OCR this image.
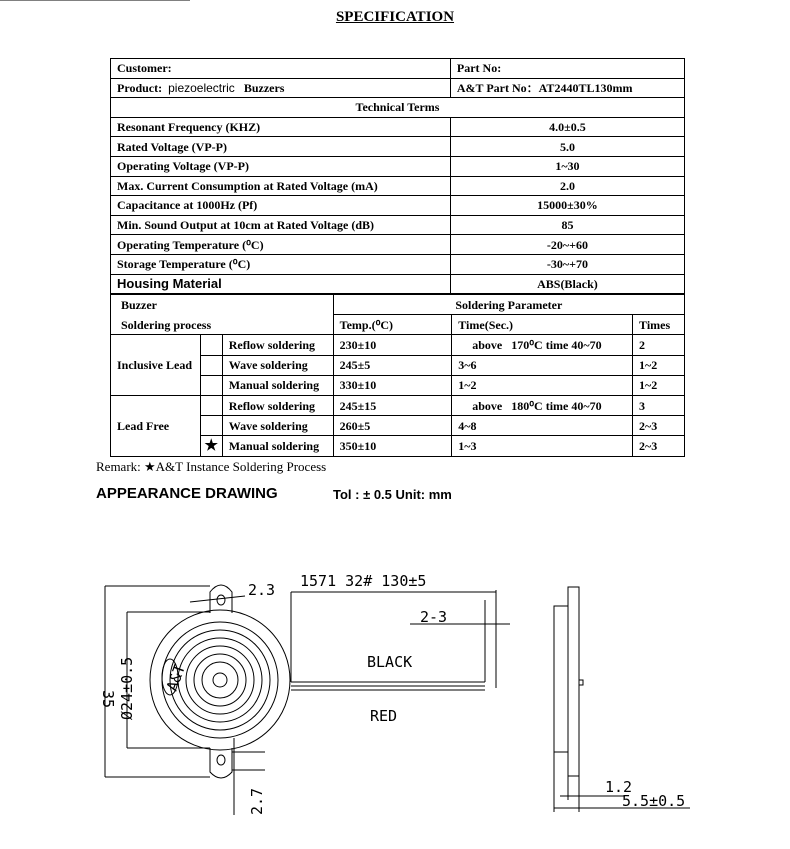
SPECIFICATION
Customer:	Part No:
Product: piezoelectric Buzzers	A&T Part No：AT2440TL130mm
Technical Terms	
Resonant Frequency (KHZ)	4.0±0.5
Rated Voltage (VP-P)	5.0
Operating Voltage (VP-P)	1~30
Max. Current Consumption at Rated Voltage (mA)	2.0
Capacitance at 1000Hz (Pf)	15000±30%
Min. Sound Output at 10cm at Rated Voltage (dB)	85
Operating Temperature (⁰C)	-20~+60
Storage Temperature (⁰C)	-30~+70
Housing Material	ABS(Black)
Buzzer			Soldering Parameter		
Soldering process			Temp.(⁰C)	Time(Sec.)	Times
Inclusive Lead		Reflow soldering	230±10	above   170⁰C time 40~70	2
		Wave soldering	245±5	3~6	1~2
		Manual soldering	330±10	1~2	1~2
Lead Free		Reflow soldering	245±15	above   180⁰C time 40~70	3
		Wave soldering	260±5	4~8	2~3
	★	Manual soldering	350±10	1~3	2~3
Remark: ★A&T Instance Soldering Process
APPEARANCE DRAWING	Tol : ± 0.5 Unit: mm
2.3 1571 32# 130±5
2-3
BLACK
RED
35 Ø24±0.5
2.7
A&T
1.2
5.5±0.5
